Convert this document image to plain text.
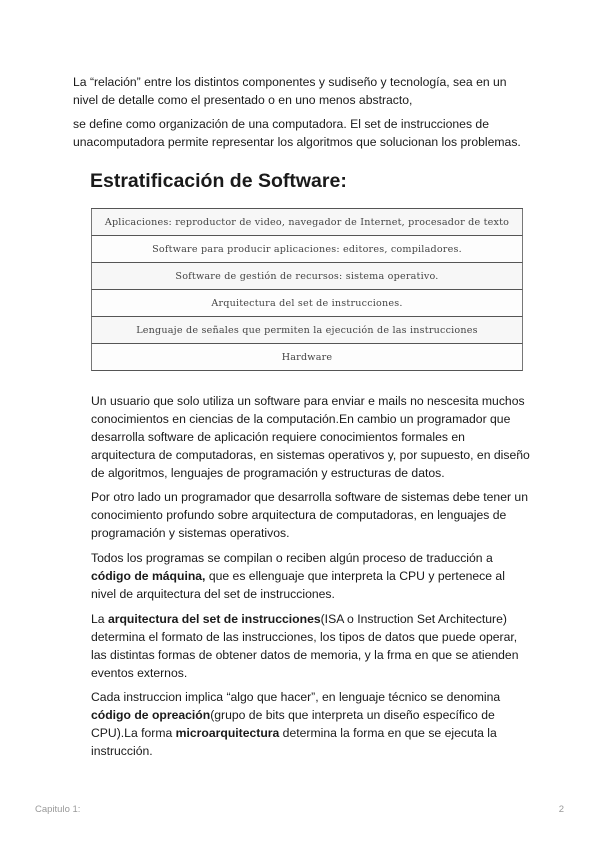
La “relación” entre los distintos componentes y sudiseño y tecnología, sea en un nivel de detalle como el presentado o en uno menos abstracto,

se define como organización de una computadora. El set de instrucciones de unacomputadora permite representar los algoritmos que solucionan los problemas.

Estratificación de Software:
Aplicaciones: reproductor de video, navegador de Internet, procesador de texto
Software para producir aplicaciones: editores, compiladores.
Software de gestión de recursos: sistema operativo.
Arquitectura del set de instrucciones.
Lenguaje de señales que permiten la ejecución de las instrucciones
Hardware

Un usuario que solo utiliza un software para enviar e mails no nescesita muchos conocimientos en ciencias de la computación.En cambio un programador que desarrolla software de aplicación requiere conocimientos formales en arquitectura de computadoras, en sistemas operativos y, por supuesto, en diseño de algoritmos, lenguajes de programación y estructuras de datos.

Por otro lado un programador que desarrolla software de sistemas debe tener un conocimiento profundo sobre arquitectura de computadoras, en lenguajes de programación y sistemas operativos.

Todos los programas se compilan o reciben algún proceso de traducción a código de máquina, que es ellenguaje que interpreta la CPU y pertenece al nivel de arquitectura del set de instrucciones.

La arquitectura del set de instrucciones(ISA o Instruction Set Architecture) determina el formato de las instrucciones, los tipos de datos que puede operar, las distintas formas de obtener datos de memoria, y la frma en que se atienden eventos externos.

Cada instruccion implica “algo que hacer”, en lenguaje técnico se denomina código de opreación(grupo de bits que interpreta un diseño específico de CPU).La forma microarquitectura determina la forma en que se ejecuta la instrucción.

Capitulo 1:	2
